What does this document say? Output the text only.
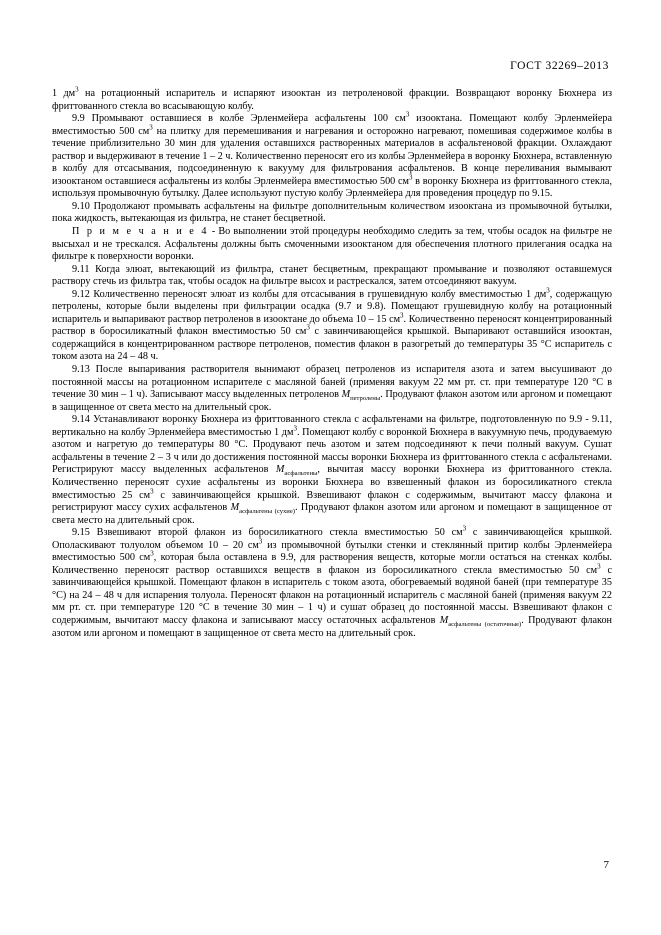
ГОСТ 32269–2013

1 $дм^3$ на ротационный испаритель и испаряют изооктан из петроленовой фракции. Возвращают воронку Бюхнера из фриттованного стекла во всасывающую колбу.

9.9 Промывают оставшиеся в колбе Эрленмейера асфальтены 100 $см^3$ изооктана. Помещают колбу Эрленмейера вместимостью 500 $см^3$ на плитку для перемешивания и нагревания и осторожно нагревают, помешивая содержимое колбы в течение приблизительно 30 мин для удаления оставшихся растворенных материалов в асфальтеновой фракции. Охлаждают раствор и выдерживают в течение 1 – 2 ч. Количественно переносят его из колбы Эрленмейера в воронку Бюхнера, вставленную в колбу для отсасывания, подсоединенную к вакууму для фильтрования асфальтенов. В конце переливания вымывают изооктаном оставшиеся асфальтены из колбы Эрленмейера вместимостью 500 $см^3$ в воронку Бюхнера из фриттованного стекла, используя промывочную бутылку. Далее используют пустую колбу Эрленмейера для проведения процедур по 9.15.

9.10 Продолжают промывать асфальтены на фильтре дополнительным количеством изооктана из промывочной бутылки, пока жидкость, вытекающая из фильтра, не станет бесцветной.

П р и м е ч а н и е 4 - Во выполнении этой процедуры необходимо следить за тем, чтобы осадок на фильтре не высыхал и не трескался. Асфальтены должны быть смоченными изооктаном для обеспечения плотного прилегания осадка на фильтре к поверхности воронки.

9.11 Когда элюат, вытекающий из фильтра, станет бесцветным, прекращают промывание и позволяют оставшемуся раствору стечь из фильтра так, чтобы осадок на фильтре высох и растрескался, затем отсоединяют вакуум.

9.12 Количественно переносят элюат из колбы для отсасывания в грушевидную колбу вместимостью 1 $дм^3$, содержащую петролены, которые были выделены при фильтрации осадка (9.7 и 9.8). Помещают грушевидную колбу на ротационный испаритель и выпаривают раствор петроленов в изооктане до объема 10 – 15 $см^3$. Количественно переносят концентрированный раствор в боросиликатный флакон вместимостью 50 $см^3$ с завинчивающейся крышкой. Выпаривают оставшийся изооктан, содержащийся в концентрированном растворе петроленов, поместив флакон в разогретый до температуры 35 °С испаритель с током азота на 24 – 48 ч.

9.13 После выпаривания растворителя вынимают образец петроленов из испарителя азота и затем высушивают до постоянной массы на ротационном испарителе с масляной баней (применяя вакуум 22 мм рт. ст. при температуре 120 °С в течение 30 мин – 1 ч). Записывают массу выделенных петроленов $M_{петролены}$. Продувают флакон азотом или аргоном и помещают в защищенное от света место на длительный срок.

9.14 Устанавливают воронку Бюхнера из фриттованного стекла с асфальтенами на фильтре, подготовленную по 9.9 - 9.11, вертикально на колбу Эрленмейера вместимостью 1 $дм^3$. Помещают колбу с воронкой Бюхнера в вакуумную печь, продуваемую азотом и нагретую до температуры 80 °С. Продувают печь азотом и затем подсоединяют к печи полный вакуум. Сушат асфальтены в течение 2 – 3 ч или до достижения постоянной массы воронки Бюхнера из фриттованного стекла с асфальтенами. Регистрируют массу выделенных асфальтенов $M_{асфальтены}$, вычитая массу воронки Бюхнера из фриттованного стекла. Количественно переносят сухие асфальтены из воронки Бюхнера во взвешенный флакон из боросиликатного стекла вместимостью 25 $см^3$ с завинчивающейся крышкой. Взвешивают флакон с содержимым, вычитают массу флакона и регистрируют массу сухих асфальтенов $M_{асфальтены (сухие)}$. Продувают флакон азотом или аргоном и помещают в защищенное от света место на длительный срок.

9.15 Взвешивают второй флакон из боросиликатного стекла вместимостью 50 $см^3$ с завинчивающейся крышкой. Ополаскивают толуолом объемом 10 – 20 $см^3$ из промывочной бутылки стенки и стеклянный притир колбы Эрленмейера вместимостью 500 $см^3$, которая была оставлена в 9.9, для растворения веществ, которые могли остаться на стенках колбы. Количественно переносят раствор оставшихся веществ в флакон из боросиликатного стекла вместимостью 50 $см^3$ с завинчивающейся крышкой. Помещают флакон в испаритель с током азота, обогреваемый водяной баней (при температуре 35 °С) на 24 – 48 ч для испарения толуола. Переносят флакон на ротационный испаритель с масляной баней (применяя вакуум 22 мм рт. ст. при температуре 120 °С в течение 30 мин – 1 ч) и сушат образец до постоянной массы. Взвешивают флакон с содержимым, вычитают массу флакона и записывают массу остаточных асфальтенов $M_{асфальтены (остаточные)}$. Продувают флакон азотом или аргоном и помещают в защищенное от света место на длительный срок.

7
